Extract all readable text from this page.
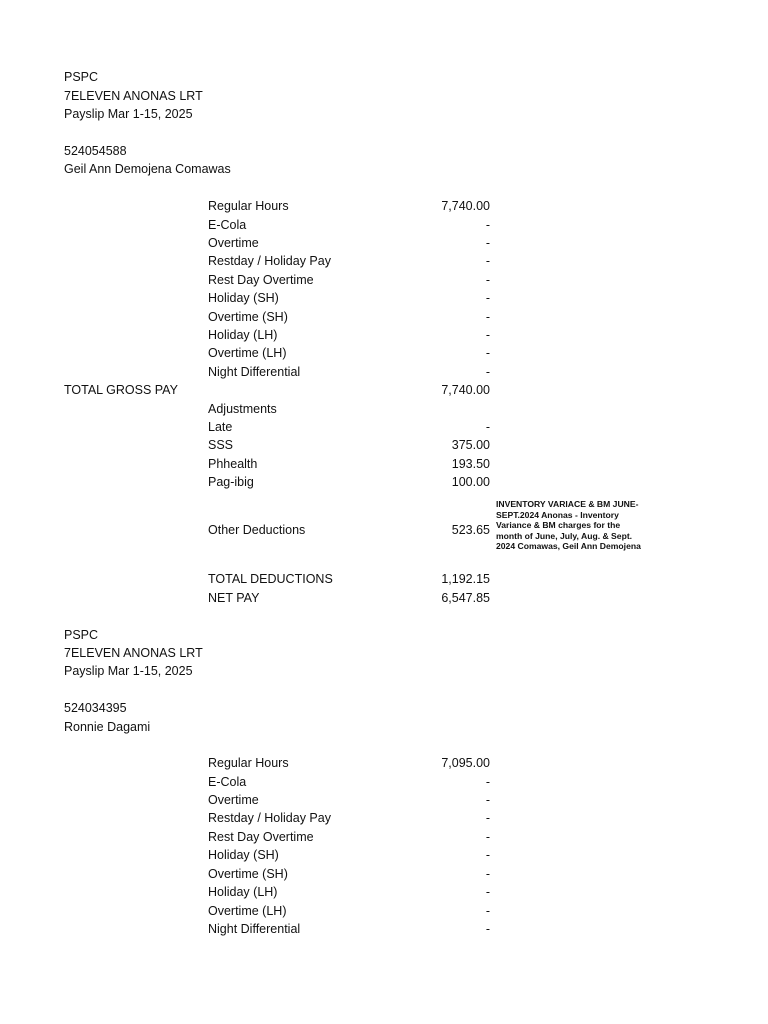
PSPC
7ELEVEN ANONAS LRT
Payslip Mar 1-15, 2025
524054588
Geil Ann Demojena Comawas
Regular Hours	7,740.00
E-Cola	-
Overtime	-
Restday / Holiday Pay	-
Rest Day Overtime	-
Holiday (SH)	-
Overtime (SH)	-
Holiday (LH)	-
Overtime (LH)	-
Night Differential	-
TOTAL GROSS PAY	7,740.00
Adjustments
Late	-
SSS	375.00
Phhealth	193.50
Pag-ibig	100.00
Other Deductions	523.65
INVENTORY VARIACE & BM JUNE-SEPT.2024 Anonas - Inventory Variance & BM charges for the month of June, July, Aug. & Sept. 2024 Comawas, Geil Ann Demojena
TOTAL DEDUCTIONS	1,192.15
NET PAY	6,547.85
PSPC
7ELEVEN ANONAS LRT
Payslip Mar 1-15, 2025
524034395
Ronnie Dagami
Regular Hours	7,095.00
E-Cola	-
Overtime	-
Restday / Holiday Pay	-
Rest Day Overtime	-
Holiday (SH)	-
Overtime (SH)	-
Holiday (LH)	-
Overtime (LH)	-
Night Differential	-
